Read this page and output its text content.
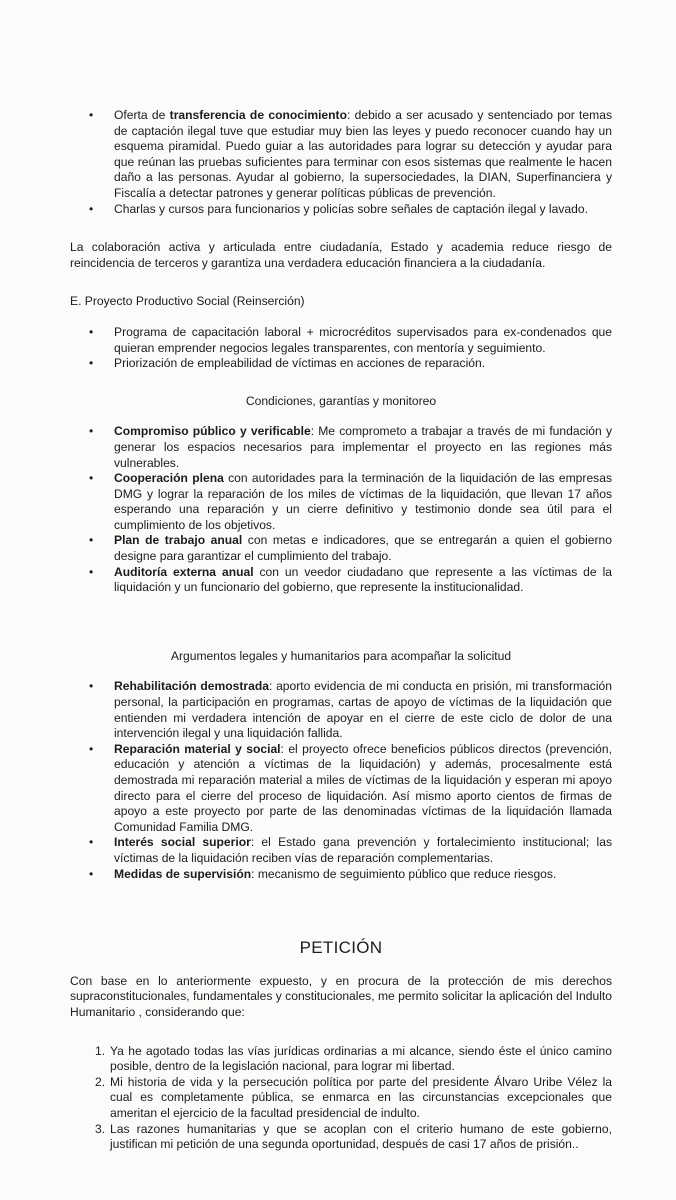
• Oferta de transferencia de conocimiento: debido a ser acusado y sentenciado por temas de captación ilegal tuve que estudiar muy bien las leyes y puedo reconocer cuando hay un esquema piramidal. Puedo guiar a las autoridades para lograr su detección y ayudar para que reúnan las pruebas suficientes para terminar con esos sistemas que realmente le hacen daño a las personas. Ayudar al gobierno, la supersociedades, la DIAN, Superfinanciera y Fiscalía a detectar patrones y generar políticas públicas de prevención.
• Charlas y cursos para funcionarios y policías sobre señales de captación ilegal y lavado.

La colaboración activa y articulada entre ciudadanía, Estado y academia reduce riesgo de reincidencia de terceros y garantiza una verdadera educación financiera a la ciudadanía.

E. Proyecto Productivo Social (Reinserción)

• Programa de capacitación laboral + microcréditos supervisados para ex-condenados que quieran emprender negocios legales transparentes, con mentoría y seguimiento.
• Priorización de empleabilidad de víctimas en acciones de reparación.

Condiciones, garantías y monitoreo

• Compromiso público y verificable: Me comprometo a trabajar a través de mi fundación y generar los espacios necesarios para implementar el proyecto en las regiones más vulnerables.
• Cooperación plena con autoridades para la terminación de la liquidación de las empresas DMG y lograr la reparación de los miles de víctimas de la liquidación, que llevan 17 años esperando una reparación y un cierre definitivo y testimonio donde sea útil para el cumplimiento de los objetivos.
• Plan de trabajo anual con metas e indicadores, que se entregarán a quien el gobierno designe para garantizar el cumplimiento del trabajo.
• Auditoría externa anual con un veedor ciudadano que represente a las víctimas de la liquidación y un funcionario del gobierno, que represente la institucionalidad.

Argumentos legales y humanitarios para acompañar la solicitud

• Rehabilitación demostrada: aporto evidencia de mi conducta en prisión, mi transformación personal, la participación en programas, cartas de apoyo de víctimas de la liquidación que entienden mi verdadera intención de apoyar en el cierre de este ciclo de dolor de una intervención ilegal y una liquidación fallida.
• Reparación material y social: el proyecto ofrece beneficios públicos directos (prevención, educación y atención a víctimas de la liquidación) y además, procesalmente está demostrada mi reparación material a miles de víctimas de la liquidación y esperan mi apoyo directo para el cierre del proceso de liquidación. Así mismo aporto cientos de firmas de apoyo a este proyecto por parte de las denominadas víctimas de la liquidación llamada Comunidad Familia DMG.
• Interés social superior: el Estado gana prevención y fortalecimiento institucional; las víctimas de la liquidación reciben vías de reparación complementarias.
• Medidas de supervisión: mecanismo de seguimiento público que reduce riesgos.

PETICIÓN

Con base en lo anteriormente expuesto, y en procura de la protección de mis derechos supraconstitucionales, fundamentales y constitucionales, me permito solicitar la aplicación del Indulto Humanitario , considerando que:

1. Ya he agotado todas las vías jurídicas ordinarias a mi alcance, siendo éste el único camino posible, dentro de la legislación nacional, para lograr mi libertad.
2. Mi historia de vida y la persecución política por parte del presidente Álvaro Uribe Vélez la cual es completamente pública, se enmarca en las circunstancias excepcionales que ameritan el ejercicio de la facultad presidencial de indulto.
3. Las razones humanitarias y que se acoplan con el criterio humano de este gobierno, justifican mi petición de una segunda oportunidad, después de casi 17 años de prisión..
